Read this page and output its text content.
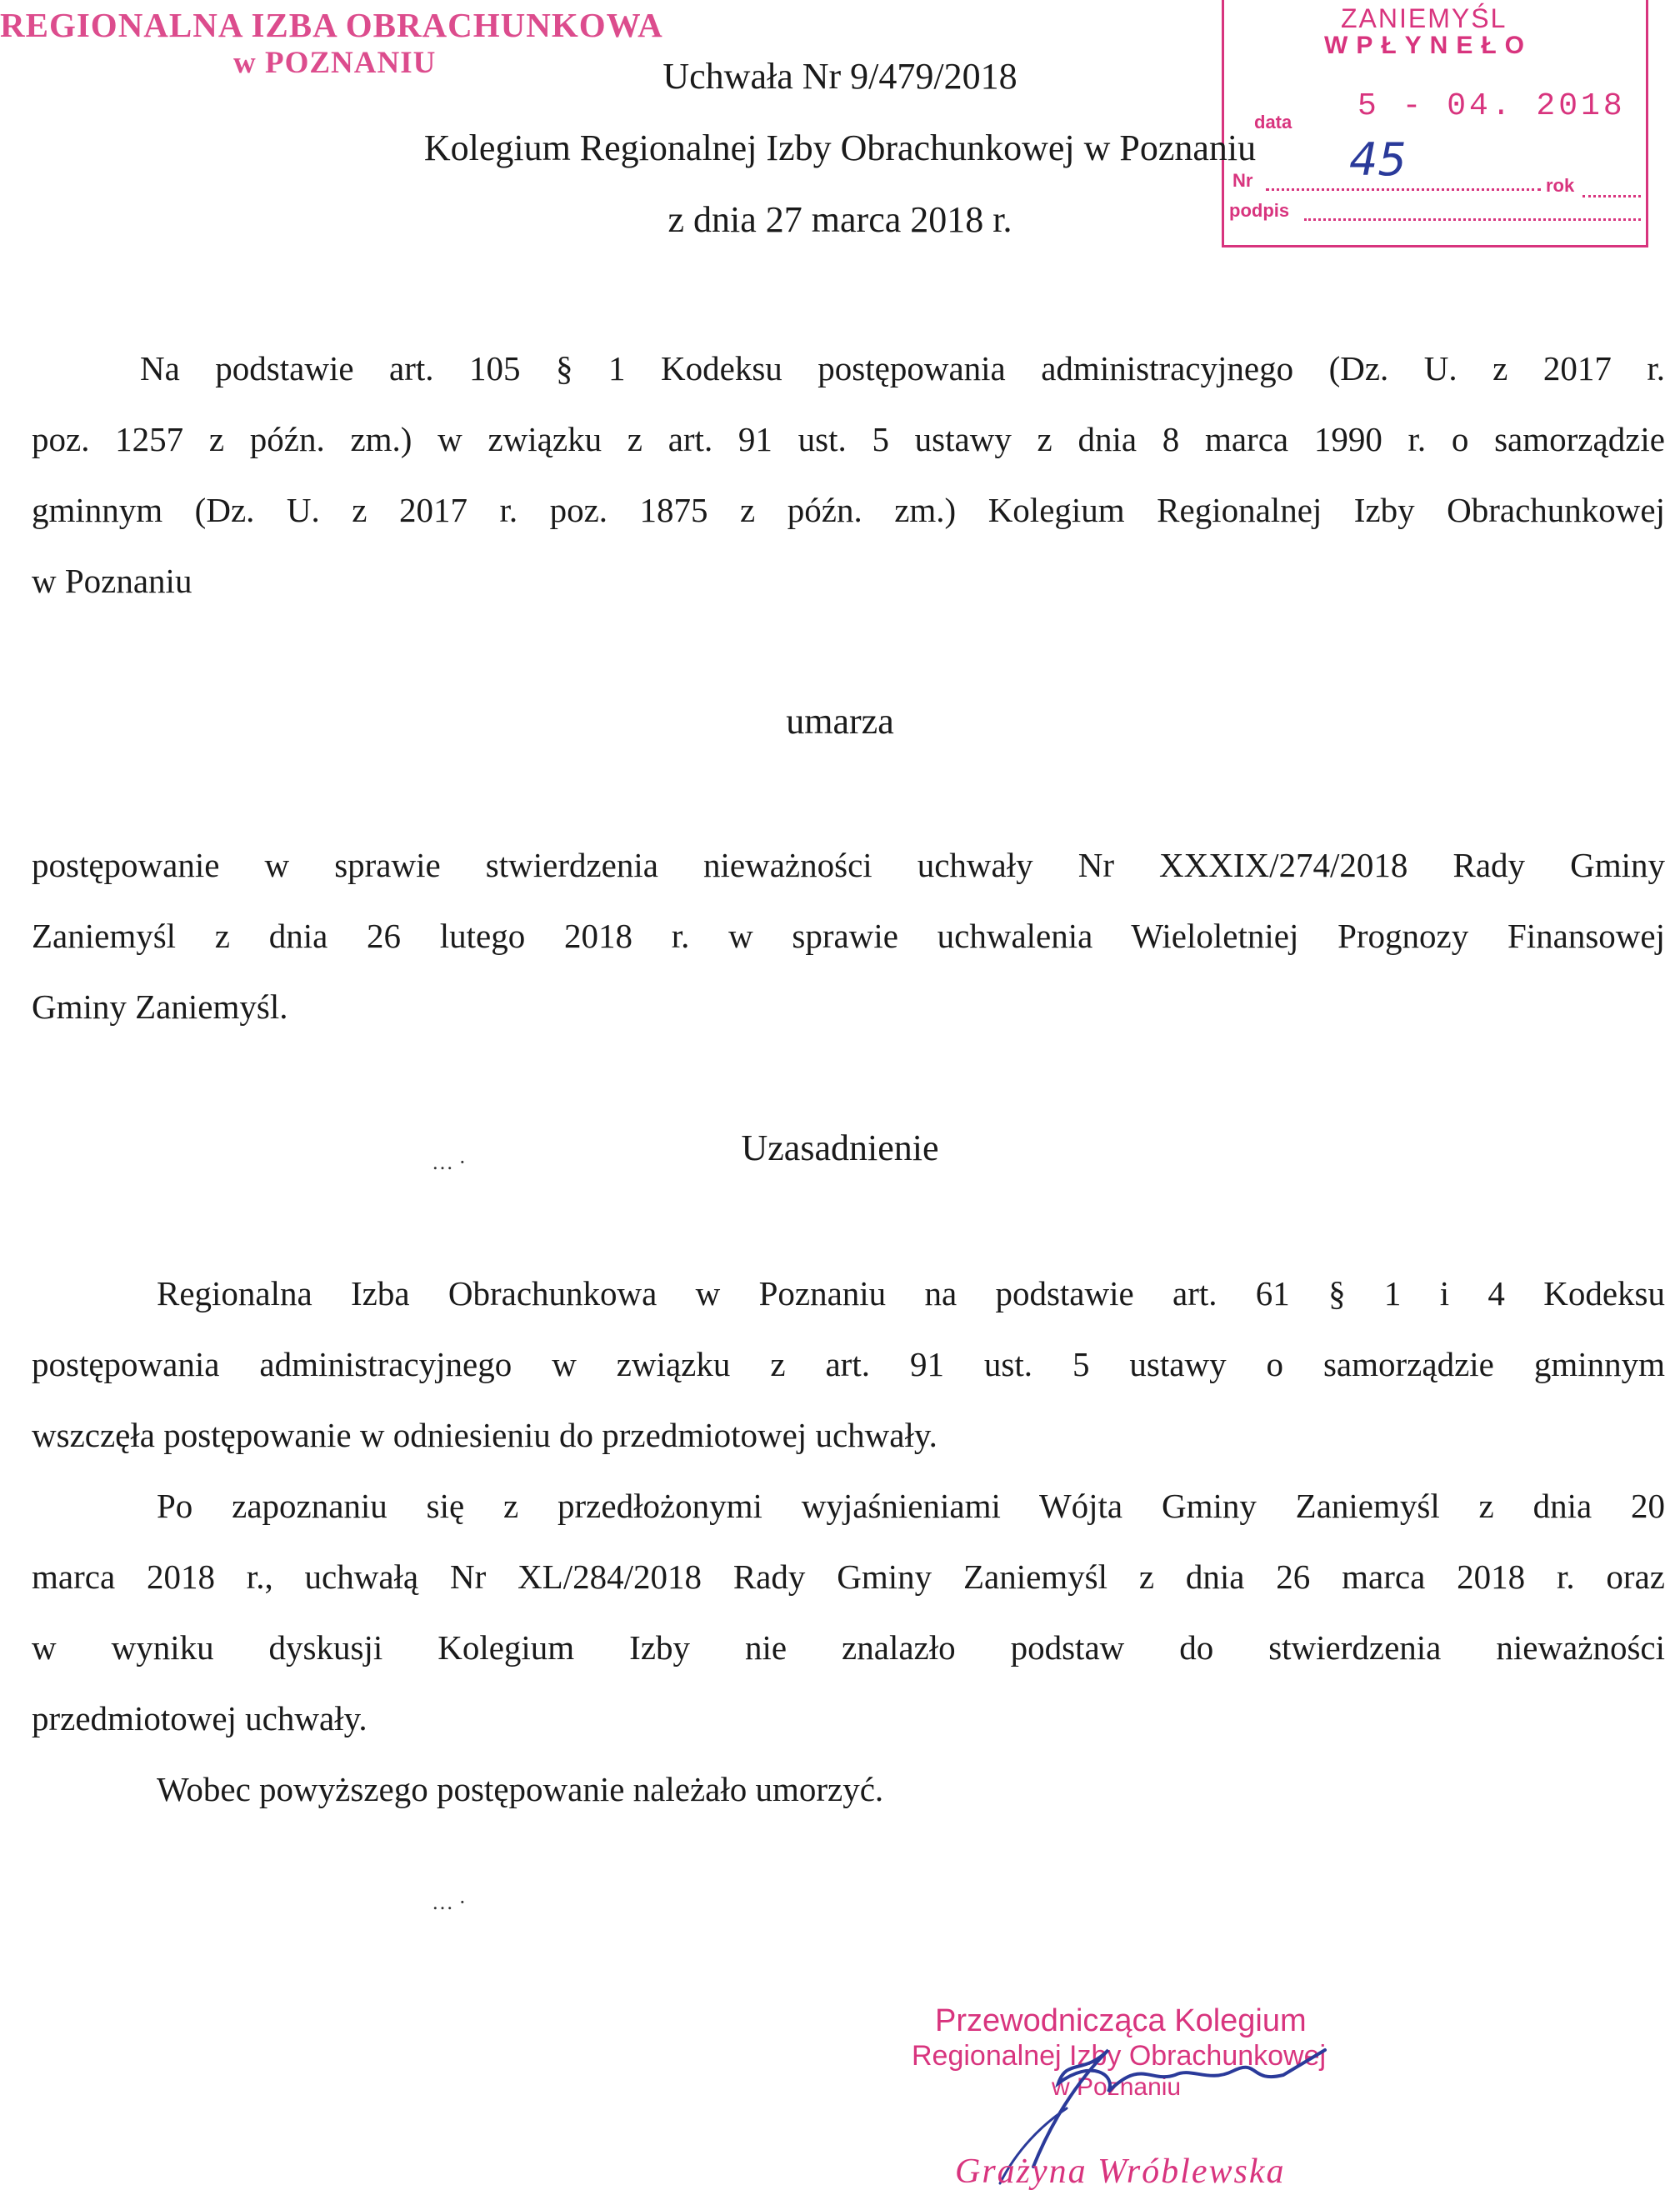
REGIONALNA IZBA OBRACHUNKOWA
w POZNANIU
ZANIEMYŚL
WPŁYNEŁO
5 - 04. 2018
data
Nr	rok
podpis
45
Uchwała Nr 9/479/2018
Kolegium Regionalnej Izby Obrachunkowej w Poznaniu
z dnia 27 marca 2018 r.

Na podstawie art. 105 § 1 Kodeksu postępowania administracyjnego (Dz. U. z 2017 r.

poz. 1257 z późn. zm.) w związku z art. 91 ust. 5 ustawy z dnia 8 marca 1990 r. o samorządzie

gminnym (Dz. U. z 2017 r. poz. 1875 z późn. zm.) Kolegium Regionalnej Izby Obrachunkowej

w Poznaniu

umarza

postępowanie w sprawie stwierdzenia nieważności uchwały Nr XXXIX/274/2018 Rady Gminy

Zaniemyśl z dnia 26 lutego 2018 r. w sprawie uchwalenia Wieloletniej Prognozy Finansowej

Gminy Zaniemyśl.

… ·	Uzasadnienie

Regionalna Izba Obrachunkowa w Poznaniu na podstawie art. 61 § 1 i 4 Kodeksu

postępowania administracyjnego w związku z art. 91 ust. 5 ustawy o samorządzie gminnym

wszczęła postępowanie w odniesieniu do przedmiotowej uchwały.

Po zapoznaniu się z przedłożonymi wyjaśnieniami Wójta Gminy Zaniemyśl z dnia 20

marca 2018 r., uchwałą Nr XL/284/2018 Rady Gminy Zaniemyśl z dnia 26 marca 2018 r. oraz

w wyniku dyskusji Kolegium Izby nie znalazło podstaw do stwierdzenia nieważności

przedmiotowej uchwały.

Wobec powyższego postępowanie należało umorzyć.

… ·
Przewodnicząca Kolegium
Regionalnej Izby Obrachunkowej
w Poznaniu
Grażyna Wróblewska
